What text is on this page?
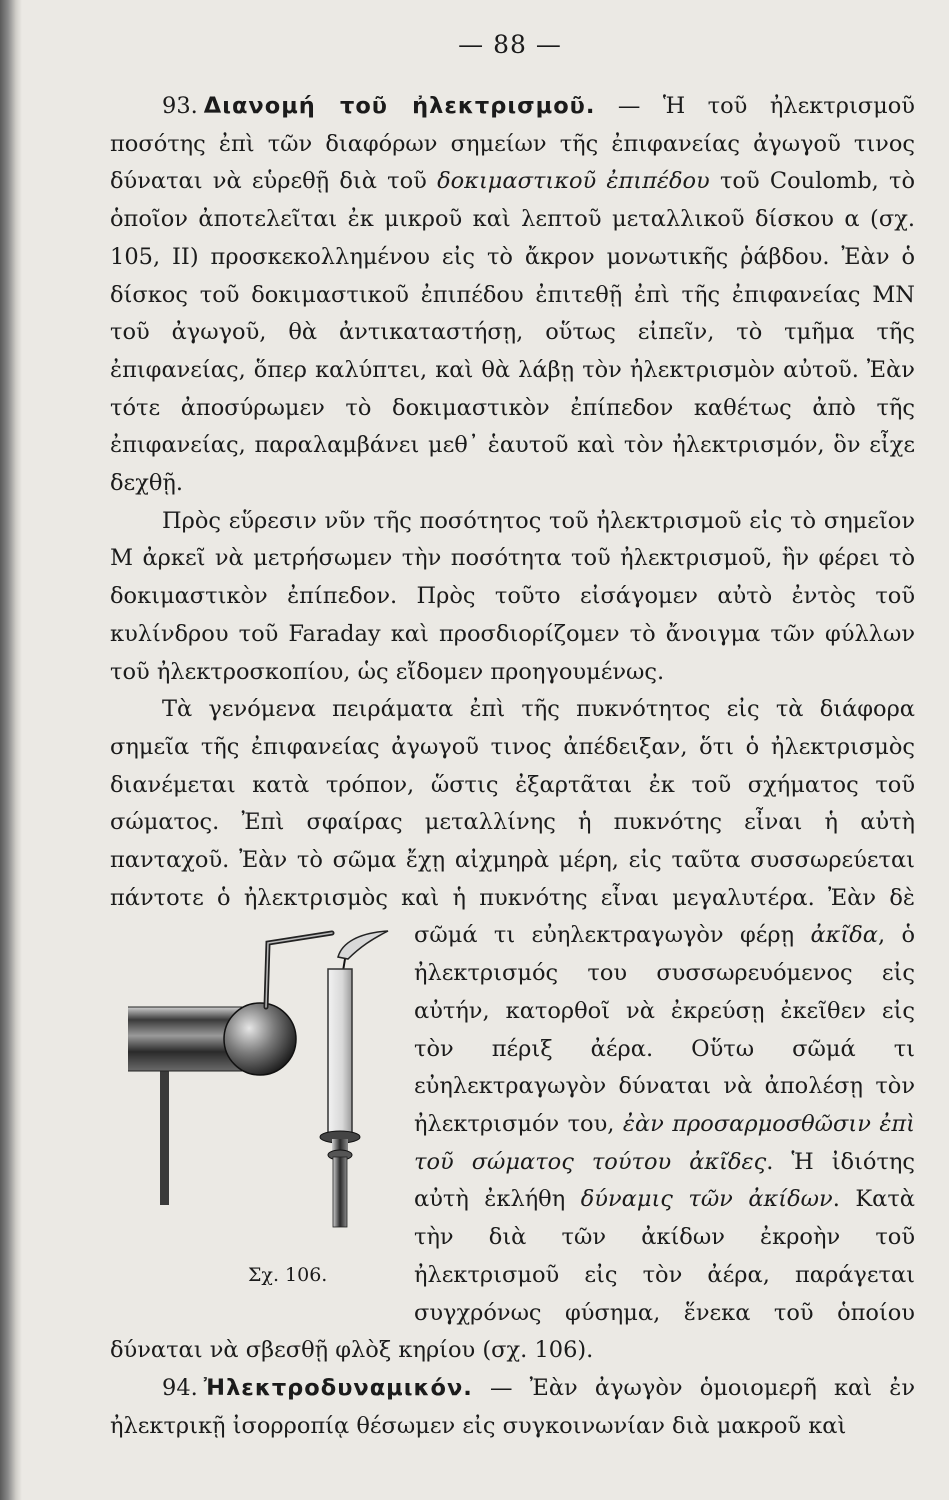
— 88 —

93. Διανομή τοῦ ἠλεκτρισμοῦ. — Ἡ τοῦ ἠλεκτρισμοῦ ποσότης ἐπὶ τῶν διαφόρων σημείων τῆς ἐπιφανείας ἀγωγοῦ τινος δύναται νὰ εὑρεθῇ διὰ τοῦ δοκιμαστικοῦ ἐπιπέδου τοῦ Coulomb, τὸ ὁποῖον ἀποτελεῖται ἐκ μικροῦ καὶ λεπτοῦ μεταλλικοῦ δίσκου α (σχ. 105, II) προσκεκολλημένου εἰς τὸ ἄκρον μονωτικῆς ῥάβδου. Ἐὰν ὁ δίσκος τοῦ δοκιμαστικοῦ ἐπιπέδου ἐπιτεθῇ ἐπὶ τῆς ἐπιφανείας ΜΝ τοῦ ἀγωγοῦ, θὰ ἀντικαταστήσῃ, οὕτως εἰπεῖν, τὸ τμῆμα τῆς ἐπιφανείας, ὅπερ καλύπτει, καὶ θὰ λάβῃ τὸν ἠλεκτρισμὸν αὐτοῦ. Ἐὰν τότε ἀποσύρωμεν τὸ δοκιμαστικὸν ἐπίπεδον καθέτως ἀπὸ τῆς ἐπιφανείας, παραλαμβάνει μεθ᾽ ἑαυτοῦ καὶ τὸν ἠλεκτρισμόν, ὃν εἶχε δεχθῇ.

Πρὸς εὕρεσιν νῦν τῆς ποσότητος τοῦ ἠλεκτρισμοῦ εἰς τὸ σημεῖον Μ ἀρκεῖ νὰ μετρήσωμεν τὴν ποσότητα τοῦ ἠλεκτρισμοῦ, ἣν φέρει τὸ δοκιμαστικὸν ἐπίπεδον. Πρὸς τοῦτο εἰσάγομεν αὐτὸ ἐντὸς τοῦ κυλίνδρου τοῦ Faraday καὶ προσδιορίζομεν τὸ ἄνοιγμα τῶν φύλλων τοῦ ἠλεκτροσκοπίου, ὡς εἴδομεν προηγουμένως.

Τὰ γενόμενα πειράματα ἐπὶ τῆς πυκνότητος εἰς τὰ διάφορα σημεῖα τῆς ἐπιφανείας ἀγωγοῦ τινος ἀπέδειξαν, ὅτι ὁ ἠλεκτρισμὸς διανέμεται κατὰ τρόπον, ὥστις ἐξαρτᾶται ἐκ τοῦ σχήματος τοῦ σώματος. Ἐπὶ σφαίρας μεταλλίνης ἡ πυκνότης εἶναι ἡ αὐτὴ πανταχοῦ. Ἐὰν τὸ σῶμα ἔχῃ αἰχμηρὰ μέρη, εἰς ταῦτα συσσωρεύεται πάντοτε ὁ ἠλεκτρισμὸς καὶ ἡ πυκνότης εἶναι μεγαλυτέρα. Ἐὰν δὲ σῶμά τι εὐηλεκτραγωγὸν φέρῃ
Σχ. 106.
ἀκῖδα, ὁ ἠλεκτρισμός του συσσωρευόμενος εἰς αὐτήν, κατορθοῖ νὰ ἐκρεύσῃ ἐκεῖθεν εἰς τὸν πέριξ ἀέρα. Οὕτω σῶμά τι εὐηλεκτραγωγὸν δύναται νὰ ἀπολέσῃ τὸν ἠλεκτρισμόν του, ἐὰν προσαρμοσθῶσιν ἐπὶ τοῦ σώματος τούτου ἀκῖδες. Ἡ ἰδιότης αὐτὴ ἐκλήθη δύναμις τῶν ἀκίδων. Κατὰ τὴν διὰ τῶν ἀκίδων ἐκροὴν τοῦ ἠλεκτρισμοῦ εἰς τὸν ἀέρα, παράγεται συγχρόνως φύσημα, ἕνεκα τοῦ ὁποίου δύναται νὰ σβεσθῇ φλὸξ κηρίου (σχ. 106).

94. Ἠλεκτροδυναμικόν. — Ἐὰν ἀγωγὸν ὁμοιομερῆ καὶ ἐν ἠλεκτρικῇ ἰσορροπίᾳ θέσωμεν εἰς συγκοινωνίαν διὰ μακροῦ καὶ
